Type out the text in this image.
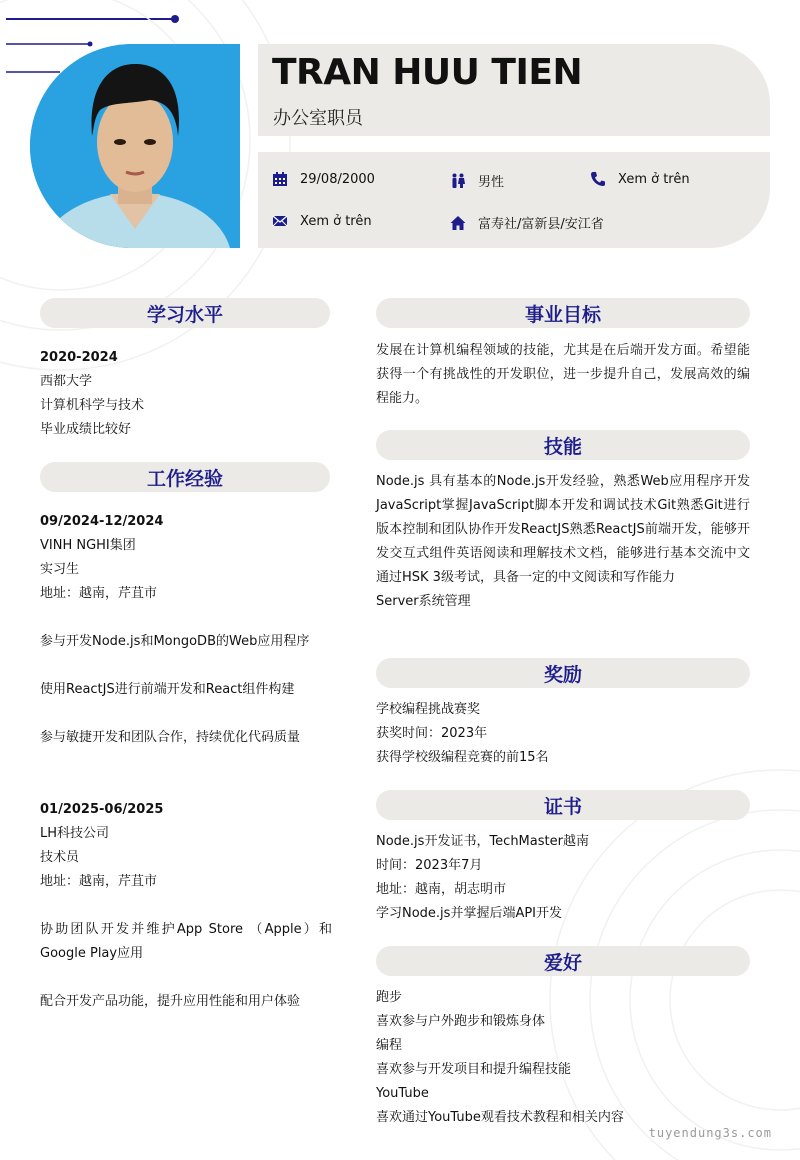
TRAN HUU TIEN
办公室职员
29/08/2000	男性	Xem ở trên
Xem ở trên	富寿社/富新县/安江省
学习水平

2020-2024

西都大学

计算机科学与技术

毕业成绩比较好

工作经验

09/2024-12/2024

VINH NGHI集团

实习生

地址：越南，芹苴市

参与开发Node.js和MongoDB的Web应用程序

使用ReactJS进行前端开发和React组件构建

参与敏捷开发和团队合作，持续优化代码质量

01/2025-06/2025

LH科技公司

技术员

地址：越南，芹苴市

协助团队开发并维护App Store （Apple）和Google Play应用

配合开发产品功能，提升应用性能和用户体验

事业目标
发展在计算机编程领域的技能，尤其是在后端开发方面。希望能获得一个有挑战性的开发职位，进一步提升自己，发展高效的编程能力。
技能

Node.js 具有基本的Node.js开发经验，熟悉Web应用程序开发JavaScript掌握JavaScript脚本开发和调试技术Git熟悉Git进行版本控制和团队协作开发ReactJS熟悉ReactJS前端开发，能够开发交互式组件英语阅读和理解技术文档，能够进行基本交流中文通过HSK 3级考试，具备一定的中文阅读和写作能力

Server系统管理

奖励

学校编程挑战赛奖

获奖时间：2023年

获得学校级编程竞赛的前15名

证书

Node.js开发证书，TechMaster越南

时间：2023年7月

地址：越南，胡志明市

学习Node.js并掌握后端API开发

爱好

跑步

喜欢参与户外跑步和锻炼身体

编程

喜欢参与开发项目和提升编程技能

YouTube

喜欢通过YouTube观看技术教程和相关内容

tuyendung3s.com
